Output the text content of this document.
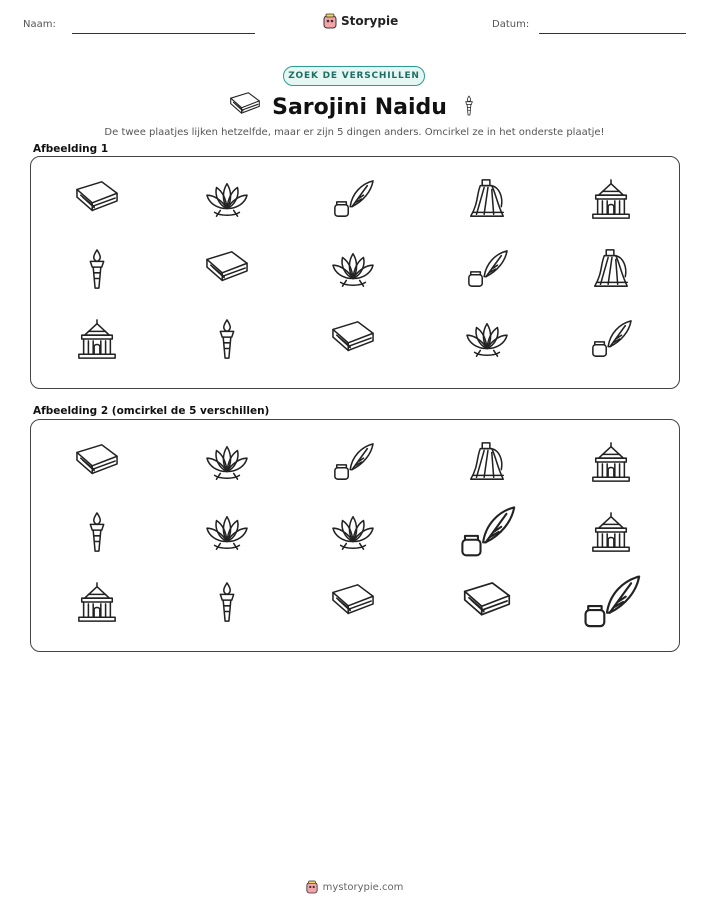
Naam:	Storypie	Datum:
ZOEK DE VERSCHILLEN
Sarojini Naidu
De twee plaatjes lijken hetzelfde, maar er zijn 5 dingen anders. Omcirkel ze in het onderste plaatje!
Afbeelding 1
Afbeelding 2 (omcirkel de 5 verschillen)
mystorypie.com
